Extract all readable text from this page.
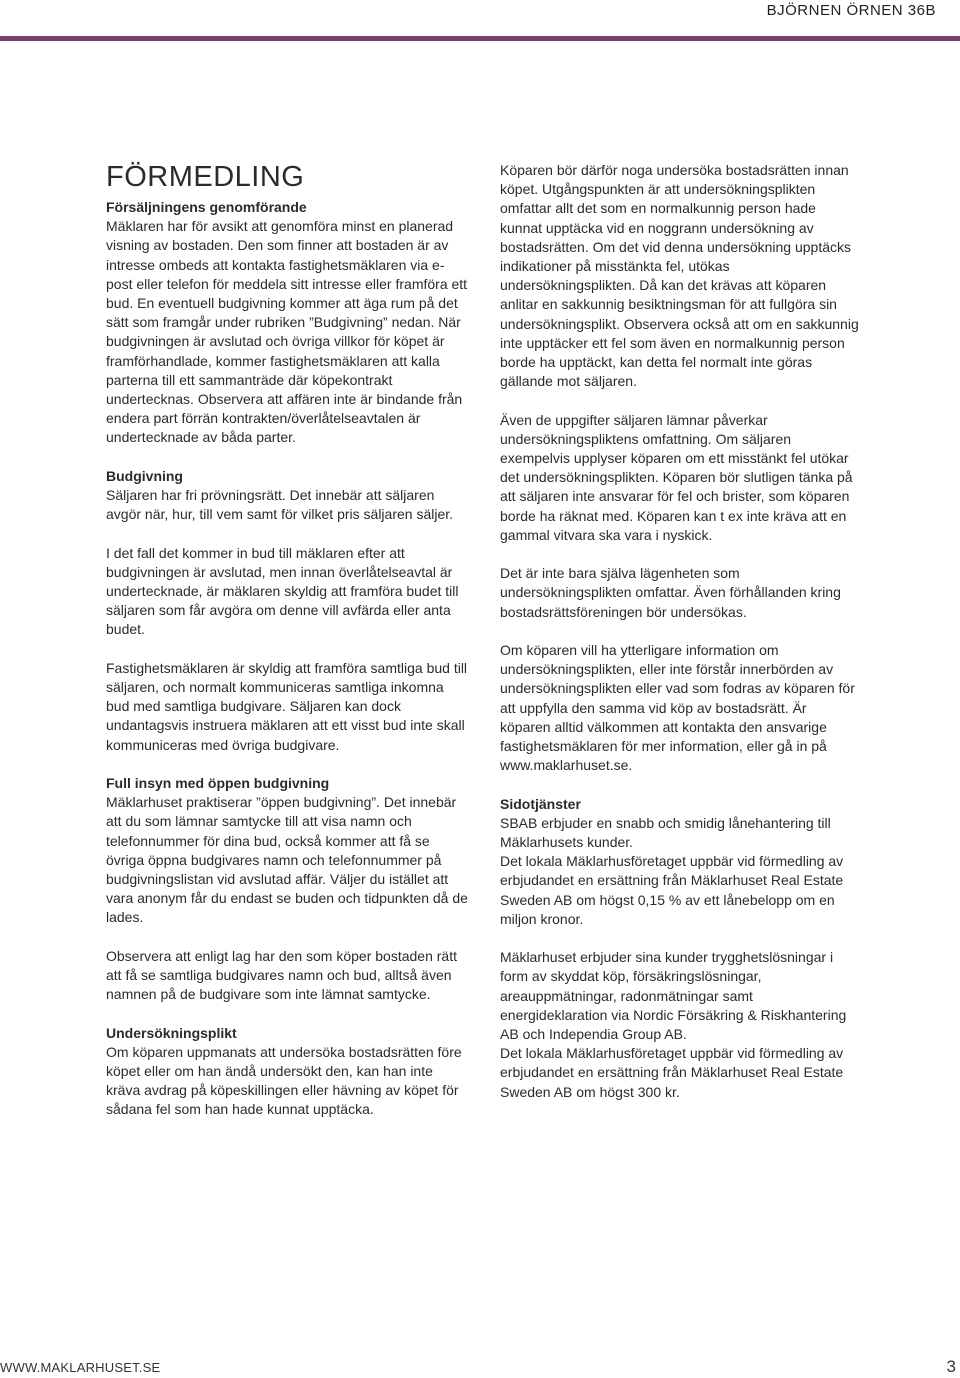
BJÖRNEN ÖRNEN 36B
FÖRMEDLING

Försäljningens genomförande

Mäklaren har för avsikt att genomföra minst en planerad visning av bostaden. Den som finner att bostaden är av intresse ombeds att kontakta fastighetsmäklaren via e-post eller telefon för meddela sitt intresse eller framföra ett bud. En eventuell budgivning kommer att äga rum på det sätt som framgår under rubriken ”Budgivning” nedan. När budgivningen är avslutad och övriga villkor för köpet är framförhandlade, kommer fastighetsmäklaren att kalla parterna till ett sammanträde där köpekontrakt undertecknas. Observera att affären inte är bindande från endera part förrän kontrakten/överlåtelseavtalen är undertecknade av båda parter.

Budgivning

Säljaren har fri prövningsrätt. Det innebär att säljaren avgör när, hur, till vem samt för vilket pris säljaren säljer.

I det fall det kommer in bud till mäklaren efter att budgivningen är avslutad, men innan överlåtelseavtal är undertecknade, är mäklaren skyldig att framföra budet till säljaren som får avgöra om denne vill avfärda eller anta budet.

Fastighetsmäklaren är skyldig att framföra samtliga bud till säljaren, och normalt kommuniceras samtliga inkomna bud med samtliga budgivare. Säljaren kan dock undantagsvis instruera mäklaren att ett visst bud inte skall kommuniceras med övriga budgivare.

Full insyn med öppen budgivning

Mäklarhuset praktiserar ”öppen budgivning”. Det innebär att du som lämnar samtycke till att visa namn och telefonnummer för dina bud, också kommer att få se övriga öppna budgivares namn och telefonnummer på budgivningslistan vid avslutad affär. Väljer du istället att vara anonym får du endast se buden och tidpunkten då de lades.

Observera att enligt lag har den som köper bostaden rätt att få se samtliga budgivares namn och bud, alltså även namnen på de budgivare som inte lämnat samtycke.

Undersökningsplikt

Om köparen uppmanats att undersöka bostadsrätten före köpet eller om han ändå undersökt den, kan han inte kräva avdrag på köpeskillingen eller hävning av köpet för sådana fel som han hade kunnat upptäcka.

Köparen bör därför noga undersöka bostadsrätten innan köpet. Utgångspunkten är att undersökningsplikten omfattar allt det som en normalkunnig person hade kunnat upptäcka vid en noggrann undersökning av bostadsrätten. Om det vid denna undersökning upptäcks indikationer på misstänkta fel, utökas undersökningsplikten. Då kan det krävas att köparen anlitar en sakkunnig besiktningsman för att fullgöra sin undersökningsplikt. Observera också att om en sakkunnig inte upptäcker ett fel som även en normalkunnig person borde ha upptäckt, kan detta fel normalt inte göras gällande mot säljaren.

Även de uppgifter säljaren lämnar påverkar undersökningspliktens omfattning. Om säljaren exempelvis upplyser köparen om ett misstänkt fel utökar det undersökningsplikten. Köparen bör slutligen tänka på att säljaren inte ansvarar för fel och brister, som köparen borde ha räknat med. Köparen kan t ex inte kräva att en gammal vitvara ska vara i nyskick.

Det är inte bara själva lägenheten som undersökningsplikten omfattar. Även förhållanden kring bostadsrättsföreningen bör undersökas.

Om köparen vill ha ytterligare information om undersökningsplikten, eller inte förstår innerbörden av undersökningsplikten eller vad som fodras av köparen för att uppfylla den samma vid köp av bostadsrätt. Är köparen alltid välkommen att kontakta den ansvarige fastighetsmäklaren för mer information, eller gå in på www.maklarhuset.se.

Sidotjänster

SBAB erbjuder en snabb och smidig lånehantering till Mäklarhusets kunder.

Det lokala Mäklarhusföretaget uppbär vid förmedling av erbjudandet en ersättning från Mäklarhuset Real Estate Sweden AB om högst 0,15 % av ett lånebelopp om en miljon kronor.

Mäklarhuset erbjuder sina kunder trygghetslösningar i form av skyddat köp, försäkringslösningar, areauppmätningar, radonmätningar samt energideklaration via Nordic Försäkring & Riskhantering AB och Independia Group AB.

Det lokala Mäklarhusföretaget uppbär vid förmedling av erbjudandet en ersättning från Mäklarhuset Real Estate Sweden AB om högst 300 kr.

WWW.MAKLARHUSET.SE	3
